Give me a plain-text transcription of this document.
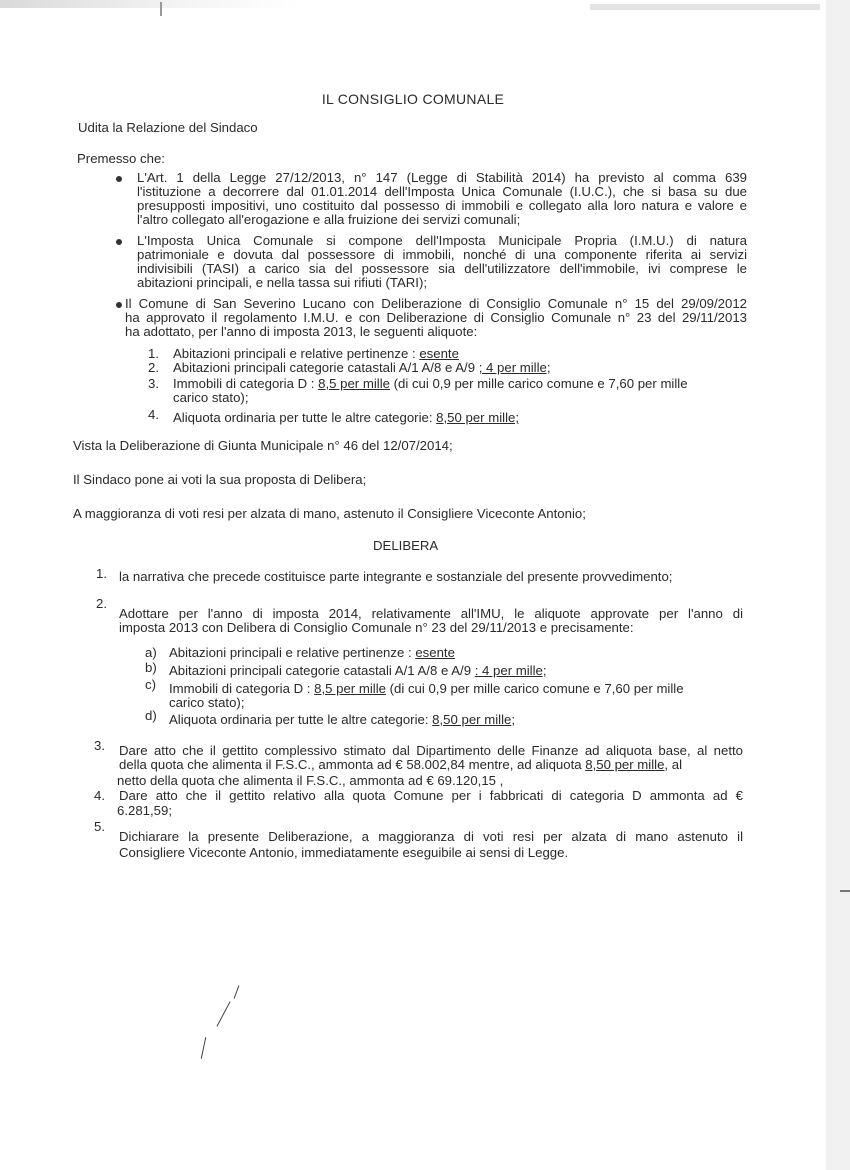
IL CONSIGLIO COMUNALE
Udita la Relazione del Sindaco
Premesso che:
L'Art. 1 della Legge 27/12/2013, n° 147 (Legge di Stabilità 2014) ha previsto al comma 639
l'istituzione a decorrere dal 01.01.2014 dell'Imposta Unica Comunale (I.U.C.), che si basa su due
presupposti impositivi, uno costituito dal possesso di immobili e collegato alla loro natura e valore e
l'altro collegato all'erogazione e alla fruizione dei servizi comunali;
L'Imposta Unica Comunale si compone dell'Imposta Municipale Propria (I.M.U.) di natura
patrimoniale e dovuta dal possessore di immobili, nonché di una componente riferita ai servizi
indivisibili (TASI) a carico sia del possessore sia dell'utilizzatore dell'immobile, ivi comprese le
abitazioni principali, e nella tassa sui rifiuti (TARI);
Il Comune di San Severino Lucano con Deliberazione di Consiglio Comunale n° 15 del 29/09/2012
ha approvato il regolamento I.M.U. e con Deliberazione di Consiglio Comunale n° 23 del 29/11/2013
ha adottato, per l'anno di imposta 2013, le seguenti aliquote:
1. Abitazioni principali e relative pertinenze : esente
2. Abitazioni principali categorie catastali A/1 A/8 e A/9 ; 4 per mille;
3. Immobili di categoria D : 8,5 per mille (di cui 0,9 per mille carico comune e 7,60 per mille
carico stato);
4. Aliquota ordinaria per tutte le altre categorie: 8,50 per mille;
Vista la Deliberazione di Giunta Municipale n° 46 del 12/07/2014;
Il Sindaco pone ai voti la sua proposta di Delibera;
A maggioranza di voti resi per alzata di mano, astenuto il Consigliere Viceconte Antonio;
DELIBERA
1. la narrativa che precede costituisce parte integrante e sostanziale del presente provvedimento;
2.
Adottare per l'anno di imposta 2014, relativamente all'IMU, le aliquote approvate per l'anno di
imposta 2013 con Delibera di Consiglio Comunale n° 23 del 29/11/2013 e precisamente:
a) Abitazioni principali e relative pertinenze : esente
b) Abitazioni principali categorie catastali A/1 A/8 e A/9 : 4 per mille;
c) Immobili di categoria D : 8,5 per mille (di cui 0,9 per mille carico comune e 7,60 per mille
carico stato);
d) Aliquota ordinaria per tutte le altre categorie: 8,50 per mille;
3. Dare atto che il gettito complessivo stimato dal Dipartimento delle Finanze ad aliquota base, al netto
della quota che alimenta il F.S.C., ammonta ad € 58.002,84 mentre, ad aliquota 8,50 per mille, al
netto della quota che alimenta il F.S.C., ammonta ad € 69.120,15 ,
4. Dare atto che il gettito relativo alla quota Comune per i fabbricati di categoria D ammonta ad €
6.281,59;
5.
Dichiarare la presente Deliberazione, a maggioranza di voti resi per alzata di mano astenuto il
Consigliere Viceconte Antonio, immediatamente eseguibile ai sensi di Legge.
